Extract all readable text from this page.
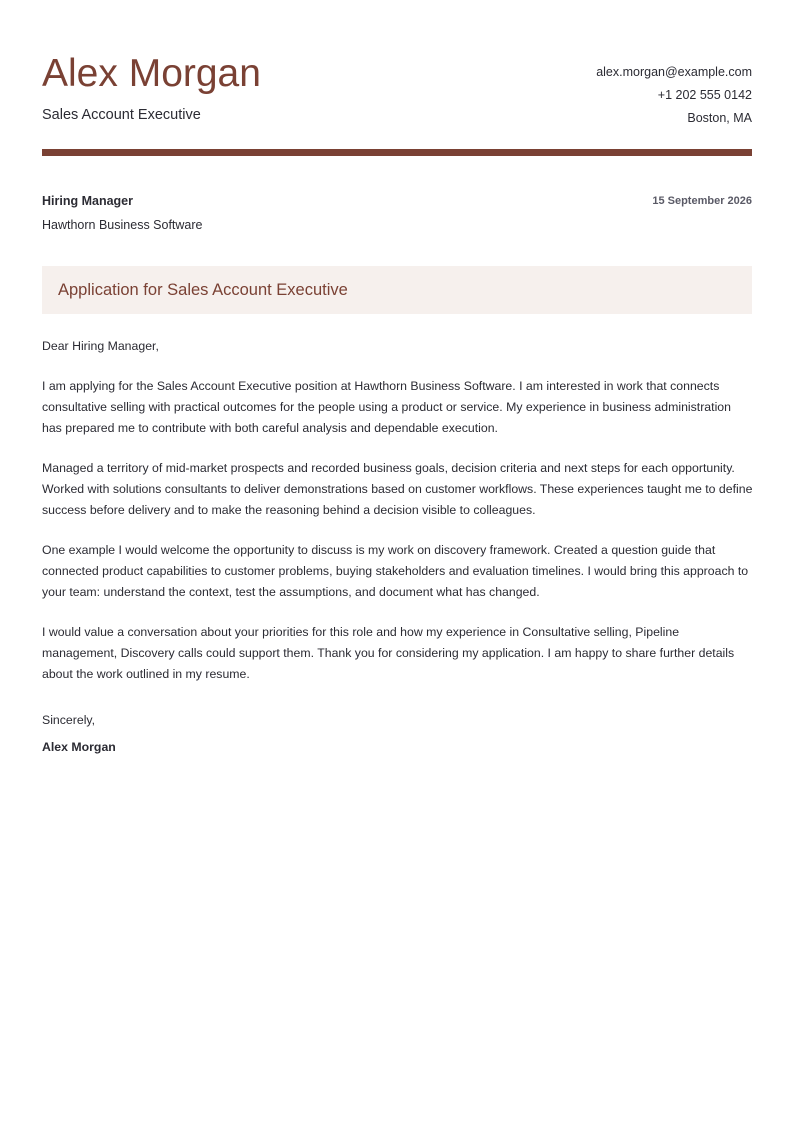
Alex Morgan
Sales Account Executive
alex.morgan@example.com
+1 202 555 0142
Boston, MA
Hiring Manager
Hawthorn Business Software
15 September 2026
Application for Sales Account Executive

Dear Hiring Manager,

I am applying for the Sales Account Executive position at Hawthorn Business Software. I am interested in work that connects consultative selling with practical outcomes for the people using a product or service. My experience in business administration has prepared me to contribute with both careful analysis and dependable execution.

Managed a territory of mid-market prospects and recorded business goals, decision criteria and next steps for each opportunity. Worked with solutions consultants to deliver demonstrations based on customer workflows. These experiences taught me to define success before delivery and to make the reasoning behind a decision visible to colleagues.

One example I would welcome the opportunity to discuss is my work on discovery framework. Created a question guide that connected product capabilities to customer problems, buying stakeholders and evaluation timelines. I would bring this approach to your team: understand the context, test the assumptions, and document what has changed.

I would value a conversation about your priorities for this role and how my experience in Consultative selling, Pipeline management, Discovery calls could support them. Thank you for considering my application. I am happy to share further details about the work outlined in my resume.

Sincerely,
Alex Morgan
